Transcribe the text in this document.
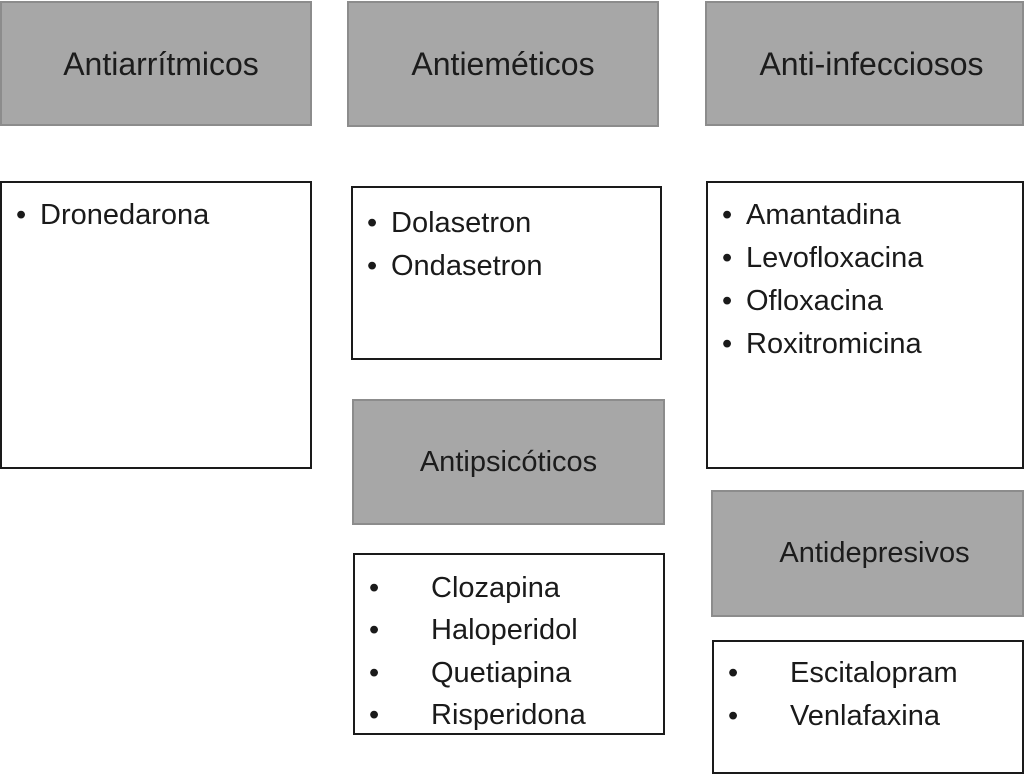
Antiarrítmicos
• Dronedarona
Antieméticos
• Dolasetron
• Ondasetron
Anti-infecciosos
• Amantadina
• Levofloxacina
• Ofloxacina
• Roxitromicina
Antipsicóticos
•	Clozapina
•	Haloperidol
•	Quetiapina
•	Risperidona
Antidepresivos
•	Escitalopram
•	Venlafaxina
